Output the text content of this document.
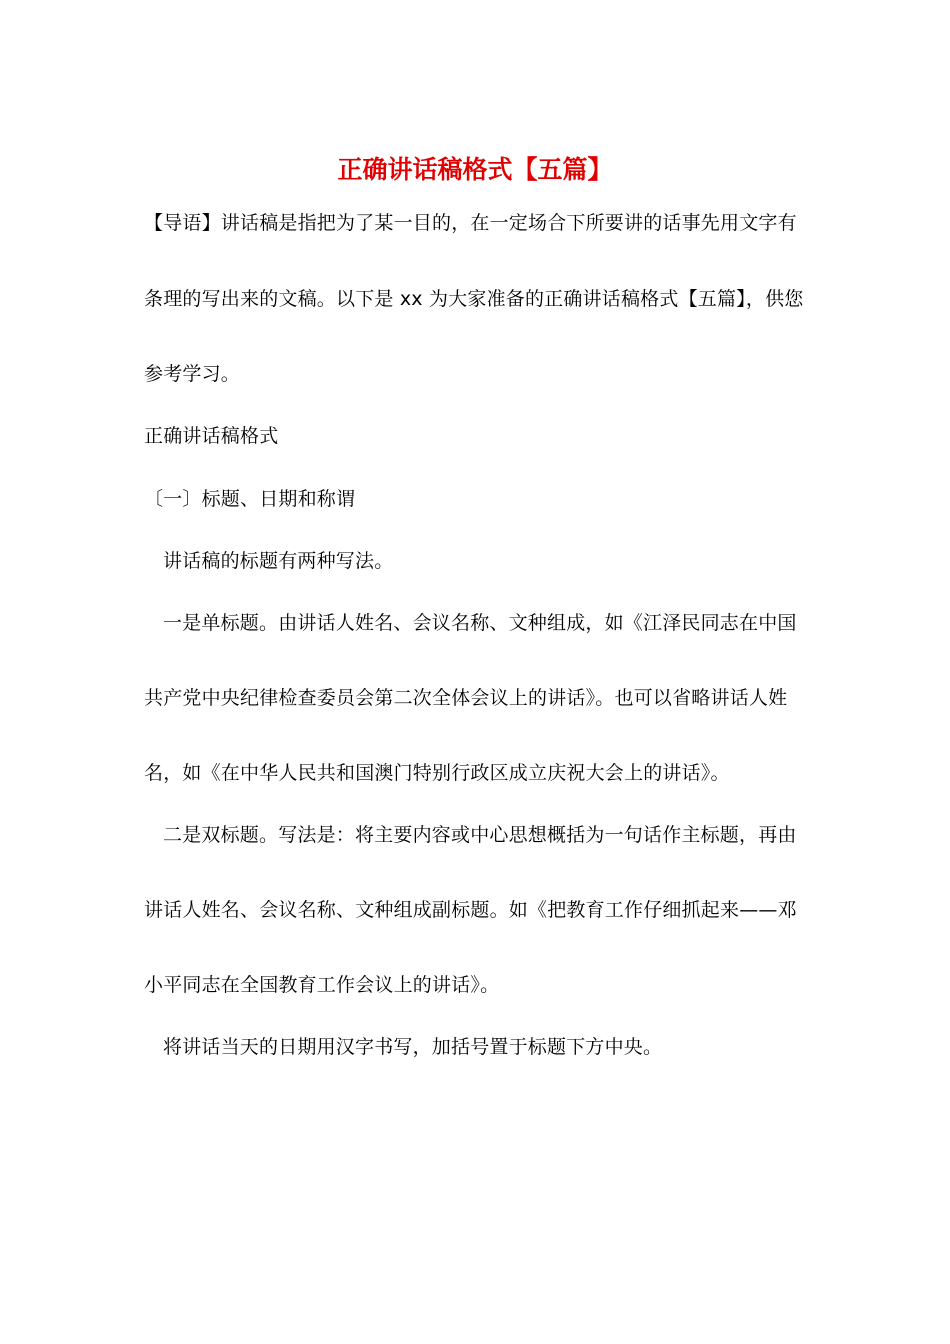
正确讲话稿格式【五篇】
【导语】讲话稿是指把为了某一目的，在一定场合下所要讲的话事先用文字有
条理的写出来的文稿。以下是 xx 为大家准备的正确讲话稿格式【五篇】，供您
参考学习。
正确讲话稿格式
〔一〕标题、日期和称谓
讲话稿的标题有两种写法。
一是单标题。由讲话人姓名、会议名称、文种组成，如《江泽民同志在中国
共产党中央纪律检查委员会第二次全体会议上的讲话》。也可以省略讲话人姓
名，如《在中华人民共和国澳门特别行政区成立庆祝大会上的讲话》。
二是双标题。写法是：将主要内容或中心思想概括为一句话作主标题，再由
讲话人姓名、会议名称、文种组成副标题。如《把教育工作仔细抓起来——邓
小平同志在全国教育工作会议上的讲话》。
将讲话当天的日期用汉字书写，加括号置于标题下方中央。
